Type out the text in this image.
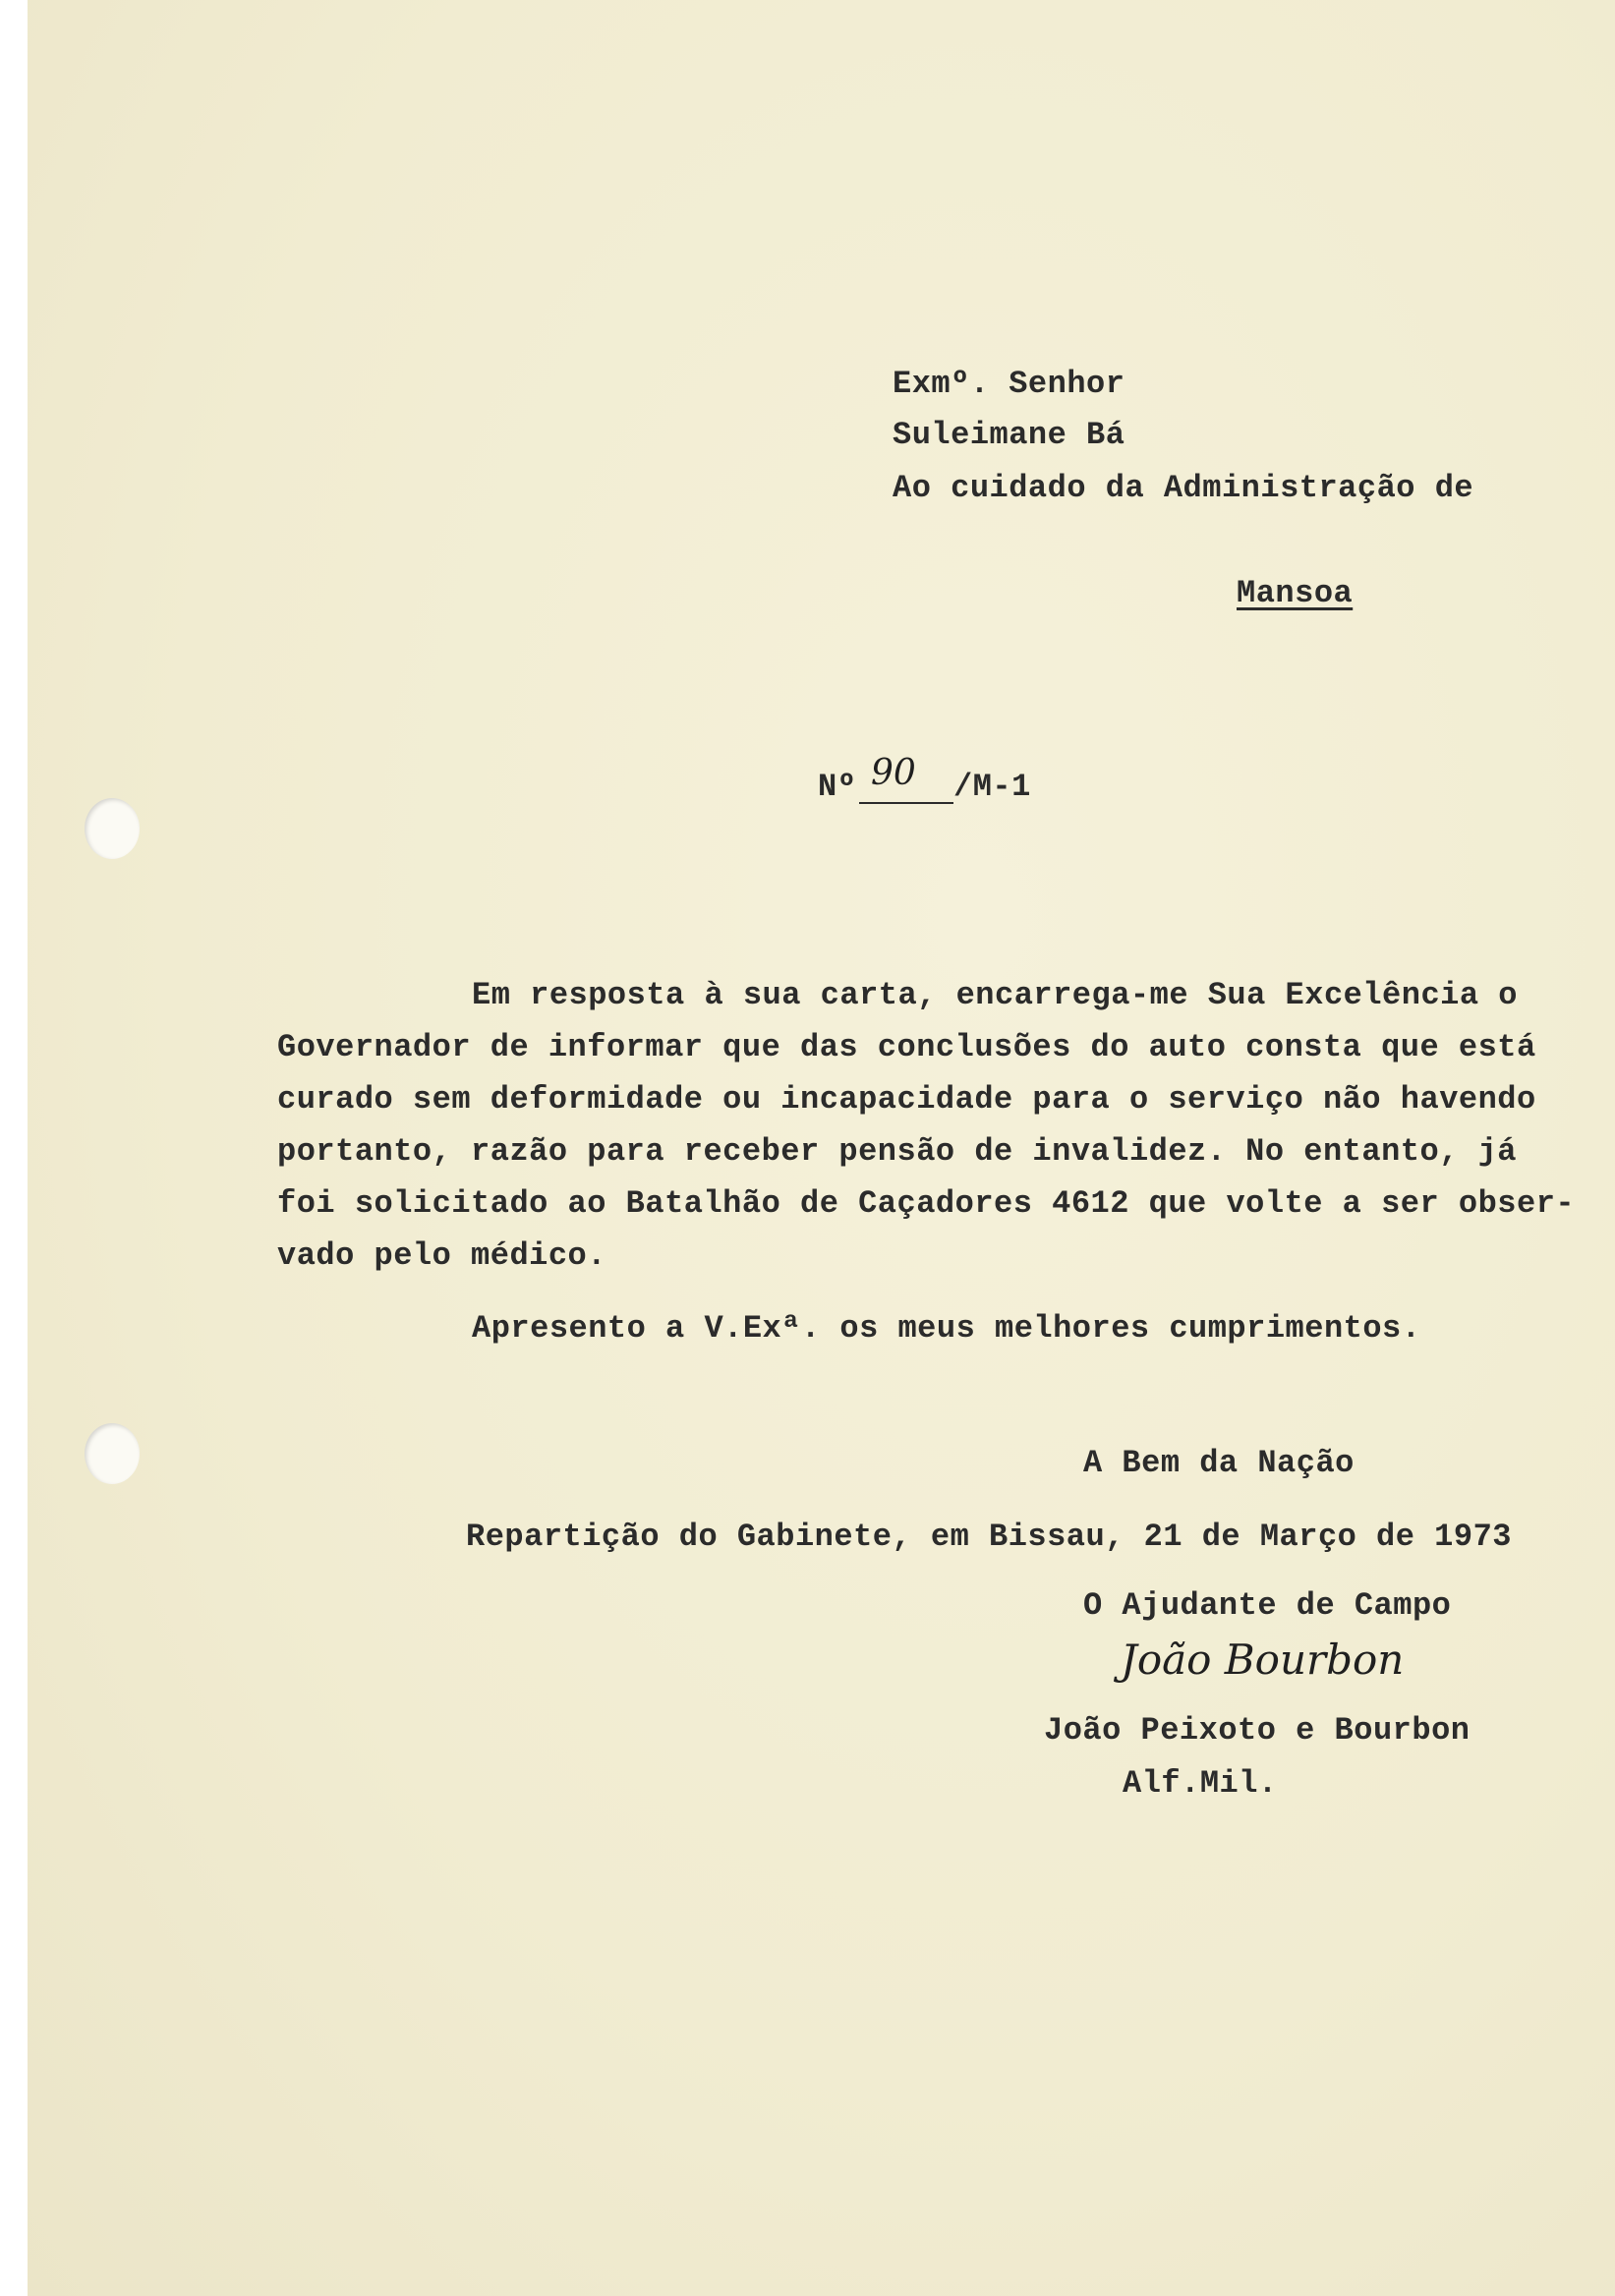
Exmº. Senhor
Suleimane Bá
Ao cuidado da Administração de
Mansoa
Nº 90 /M-1
Em resposta à sua carta, encarrega-me Sua Excelência o
Governador de informar que das conclusões do auto consta que está
curado sem deformidade ou incapacidade para o serviço não havendo
portanto, razão para receber pensão de invalidez. No entanto, já
foi solicitado ao Batalhão de Caçadores 4612 que volte a ser obser-
vado pelo médico.
Apresento a V.Exª. os meus melhores cumprimentos.
A Bem da Nação
Repartição do Gabinete, em Bissau, 21 de Março de 1973
O Ajudante de Campo
João Bourbon
João Peixoto e Bourbon
Alf.Mil.
